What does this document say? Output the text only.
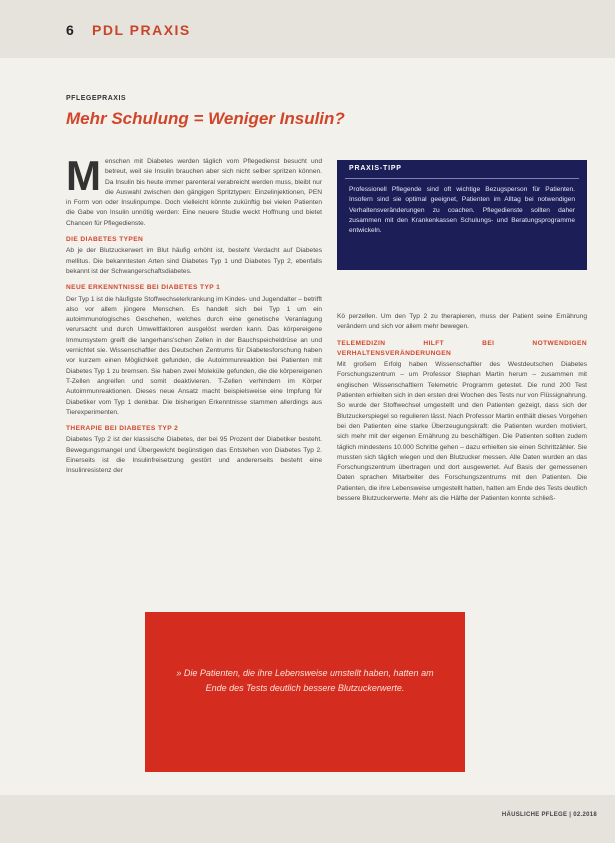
6 PDL PRAXIS
PFLEGEPRAXIS
Mehr Schulung = Weniger Insulin?

Menschen mit Diabetes werden täglich vom Pflegedienst besucht und betreut, weil sie Insulin brauchen aber sich nicht selber spritzen können. Da Insulin bis heute immer parenteral verabreicht werden muss, bleibt nur die Auswahl zwischen den gängigen Spritztypen: Einzelinjektionen, PEN in Form von oder Insulinpumpe. Doch vielleicht könnte zukünftig bei vielen Patienten die Gabe von Insulin unnötig werden: Eine neuere Studie weckt Hoffnung und bietet Chancen für Pflegedienste.

DIE DIABETES TYPEN

Ab je der Blutzuckerwert im Blut häufig erhöht ist, besteht Verdacht auf Diabetes mellitus. Die bekanntesten Arten sind Diabetes Typ 1 und Diabetes Typ 2, ebenfalls bekannt ist der Schwangerschaftsdiabetes.

NEUE ERKENNTNISSE BEI DIABETES TYP 1

Der Typ 1 ist die häufigste Stoffwechselerkrankung im Kindes- und Jugendalter – betrifft also vor allem jüngere Menschen. Es handelt sich bei Typ 1 um ein autoimmunologisches Geschehen, welches durch eine genetische Veranlagung verursacht und durch Umweltfaktoren ausgelöst werden kann. Das körpereigene Immunsystem greift die langerhans'schen Zellen in der Bauchspeicheldrüse an und vernichtet sie. Wissenschaftler des Deutschen Zentrums für Diabetesforschung haben vor kurzem einen Möglichkeit gefunden, die Autoimmunreaktion bei Patienten mit Diabetes Typ 1 zu bremsen. Sie haben zwei Moleküle gefunden, die die körpereigenen T-Zellen angreifen und somit deaktivieren. T-Zellen verhindern im Körper Autoimmunreaktionen. Dieses neue Ansatz macht beispielsweise eine Impfung für Diabetiker vom Typ 1 denkbar. Die bisherigen Erkenntnisse stammen allerdings aus Tierexperimenten.

THERAPIE BEI DIABETES TYP 2

Diabetes Typ 2 ist der klassische Diabetes, der bei 95 Prozent der Diabetiker besteht. Bewegungsmangel und Übergewicht begünstigen das Entstehen von Diabetes Typ 2. Einerseits ist die Insulinfreisetzung gestört und andererseits besteht eine Insulinresistenz der

PRAXIS-TIPP
Professionell Pflegende sind oft wichtige Bezugsperson für Patienten. Insofern sind sie optimal geeignet, Patienten im Alltag bei notwendigen Verhaltensveränderungen zu coachen. Pflegedienste sollten daher zusammen mit den Krankenkassen Schulungs- und Beratungsprogramme entwickeln.

Kö perzellen. Um den Typ 2 zu therapieren, muss der Patient seine Ernährung verändern und sich vor allem mehr bewegen.

TELEMEDIZIN HILFT BEI NOTWENDIGEN VERHALTENSVERÄNDERUNGEN

Mit großem Erfolg haben Wissenschaftler des Westdeutschen Diabetes Forschungszentrum – um Professor Stephan Martin herum – zusammen mit englischen Wissenschaftlern Telemetric Programm getestet. Die rund 200 Test Patienten erhielten sich in den ersten drei Wochen des Tests nur von Flüssignahrung. So wurde der Stoffwechsel umgestellt und den Patienten gezeigt, dass sich der Blutzuckerspiegel so regulieren lässt. Nach Professor Martin enthält dieses Vorgehen bei den Patienten eine starke Überzeugungskraft: die Patienten wurden motiviert, sich mehr mit der eigenen Ernährung zu beschäftigen. Die Patienten sollten zudem täglich mindestens 10.000 Schritte gehen – dazu erhielten sie einen Schrittzähler. Sie mussten sich täglich wiegen und den Blutzucker messen. Alle Daten wurden an das Forschungszentrum übertragen und dort ausgewertet. Auf Basis der gemessenen Daten sprachen Mitarbeiter des Forschungszentrums mit den Patienten. Die Patienten, die ihre Lebensweise umgestellt hatten, hatten am Ende des Tests deutlich bessere Blutzuckerwerte. Mehr als die Hälfte der Patienten konnte schließ-

» Die Patienten, die ihre Lebensweise umstellt haben, hatten am Ende des Tests deutlich bessere Blutzuckerwerte.
HÄUSLICHE PFLEGE | 02.2018
